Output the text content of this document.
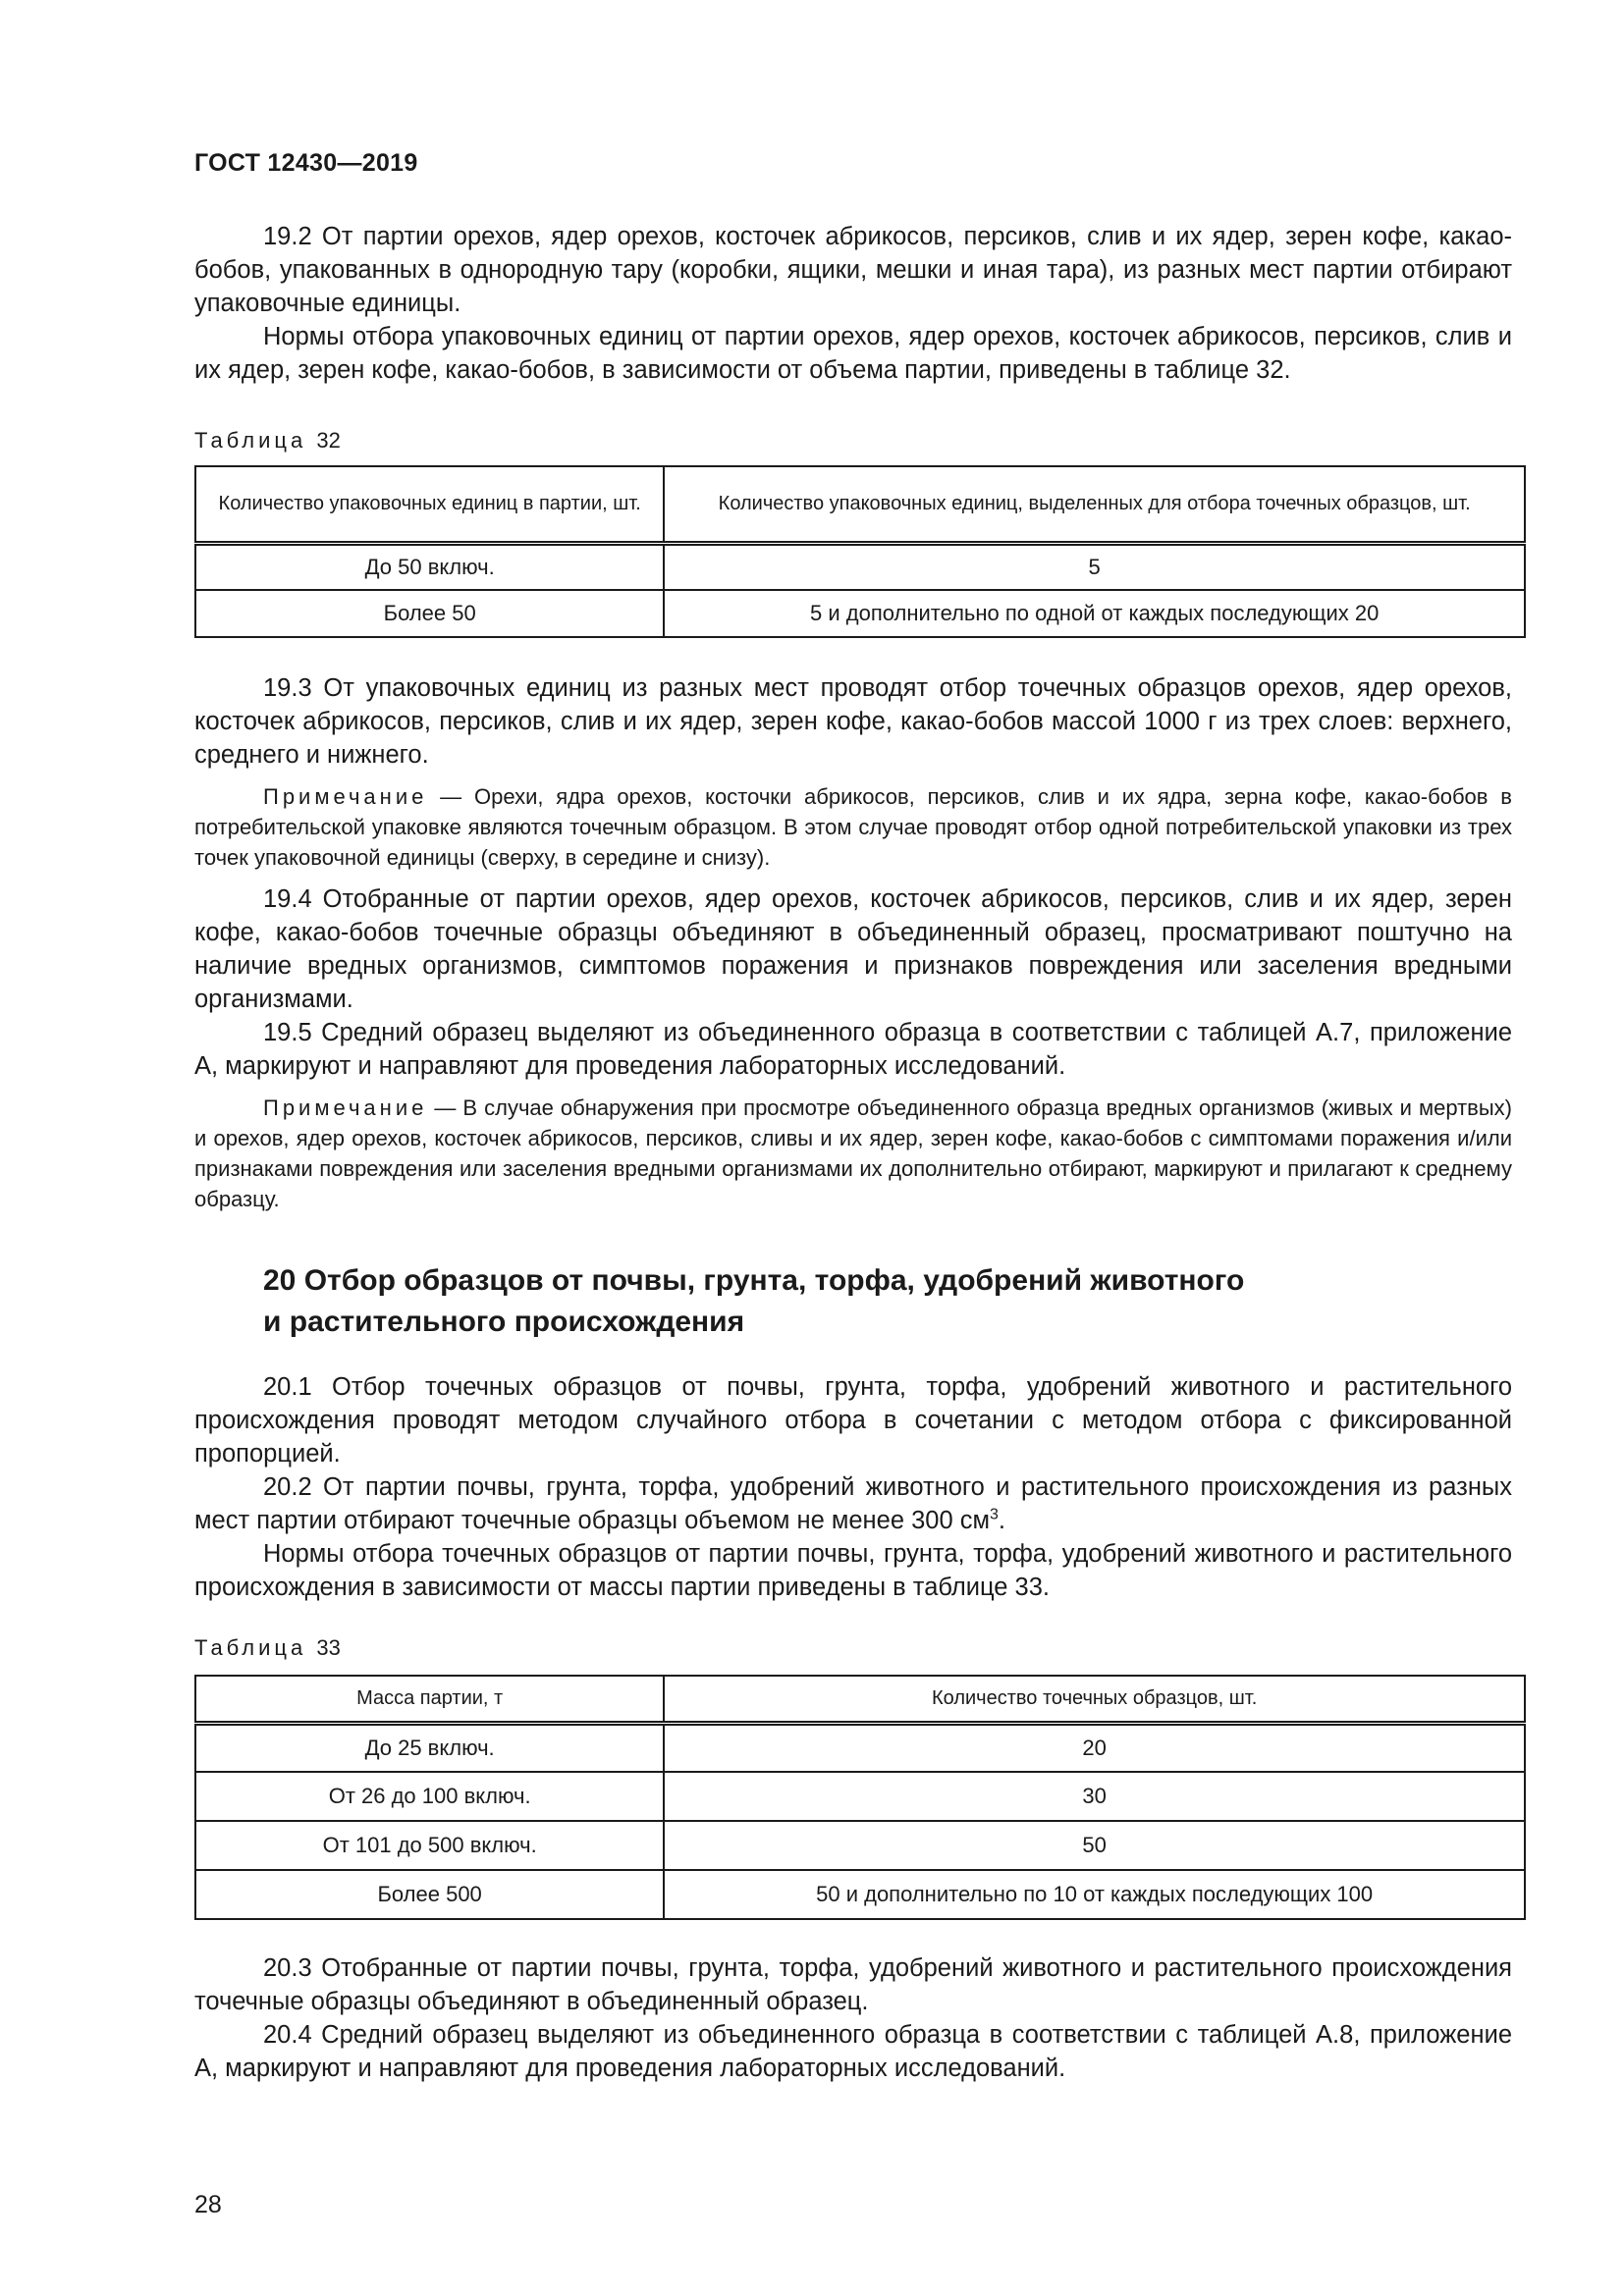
ГОСТ 12430—2019

19.2 От партии орехов, ядер орехов, косточек абрикосов, персиков, слив и их ядер, зерен кофе, какао-бобов, упакованных в однородную тару (коробки, ящики, мешки и иная тара), из разных мест партии отбирают упаковочные единицы.

Нормы отбора упаковочных единиц от партии орехов, ядер орехов, косточек абрикосов, персиков, слив и их ядер, зерен кофе, какао-бобов, в зависимости от объема партии, приведены в таблице 32.

Таблица 32
Количество упаковочных единиц в партии, шт.	Количество упаковочных единиц, выделенных для отбора точечных образцов, шт.
До 50 включ.	5
Более 50	5 и дополнительно по одной от каждых последующих 20

19.3 От упаковочных единиц из разных мест проводят отбор точечных образцов орехов, ядер орехов, косточек абрикосов, персиков, слив и их ядер, зерен кофе, какао-бобов массой 1000 г из трех слоев: верхнего, среднего и нижнего.

Примечание — Орехи, ядра орехов, косточки абрикосов, персиков, слив и их ядра, зерна кофе, какао-бобов в потребительской упаковке являются точечным образцом. В этом случае проводят отбор одной потребительской упаковки из трех точек упаковочной единицы (сверху, в середине и снизу).

19.4 Отобранные от партии орехов, ядер орехов, косточек абрикосов, персиков, слив и их ядер, зерен кофе, какао-бобов точечные образцы объединяют в объединенный образец, просматривают поштучно на наличие вредных организмов, симптомов поражения и признаков повреждения или заселения вредными организмами.

19.5 Средний образец выделяют из объединенного образца в соответствии с таблицей А.7, приложение А, маркируют и направляют для проведения лабораторных исследований.

Примечание — В случае обнаружения при просмотре объединенного образца вредных организмов (живых и мертвых) и орехов, ядер орехов, косточек абрикосов, персиков, сливы и их ядер, зерен кофе, какао-бобов с симптомами поражения и/или признаками повреждения или заселения вредными организмами их дополнительно отбирают, маркируют и прилагают к среднему образцу.

20 Отбор образцов от почвы, грунта, торфа, удобрений животного
и растительного происхождения

20.1 Отбор точечных образцов от почвы, грунта, торфа, удобрений животного и растительного происхождения проводят методом случайного отбора в сочетании с методом отбора с фиксированной пропорцией.

20.2 От партии почвы, грунта, торфа, удобрений животного и растительного происхождения из разных мест партии отбирают точечные образцы объемом не менее 300 $см^3$.

Нормы отбора точечных образцов от партии почвы, грунта, торфа, удобрений животного и растительного происхождения в зависимости от массы партии приведены в таблице 33.

Таблица 33
Масса партии, т	Количество точечных образцов, шт.
До 25 включ.	20
От 26 до 100 включ.	30
От 101 до 500 включ.	50
Более 500	50 и дополнительно по 10 от каждых последующих 100

20.3 Отобранные от партии почвы, грунта, торфа, удобрений животного и растительного происхождения точечные образцы объединяют в объединенный образец.

20.4 Средний образец выделяют из объединенного образца в соответствии с таблицей А.8, приложение А, маркируют и направляют для проведения лабораторных исследований.

28
